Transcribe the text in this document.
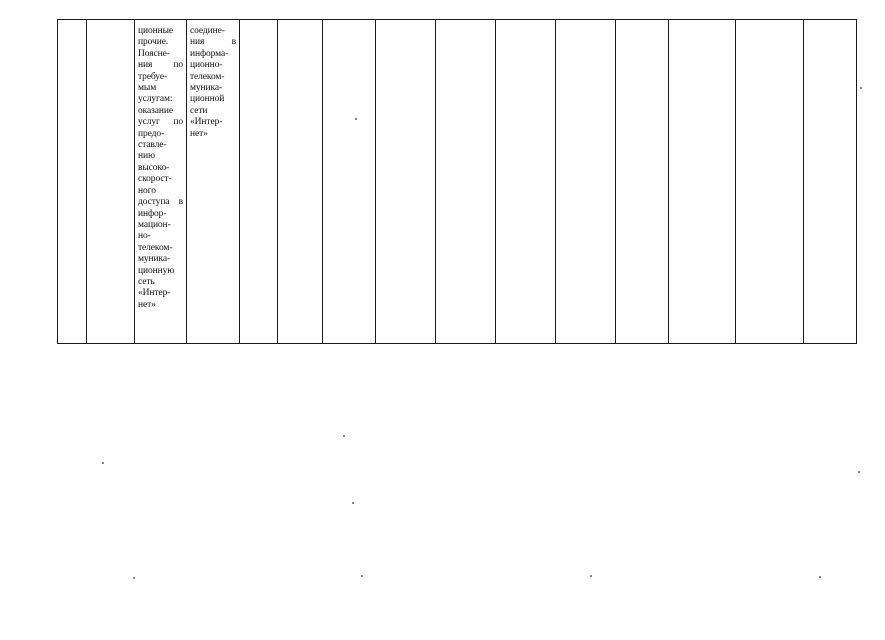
ционные
прочие.
Поясне-
ния по
требуе-
мым
услугам:
оказание
услуг по
предо-
ставле-
нию
высоко-
скорост-
ного
доступа в
инфор-
мацион-
но-
телеком-
муника-
ционную
сеть
«Интер-
нет»
соедине-
ния в
информа-
ционно-
телеком-
муника-
ционной
сети
«Интер-
нет»
